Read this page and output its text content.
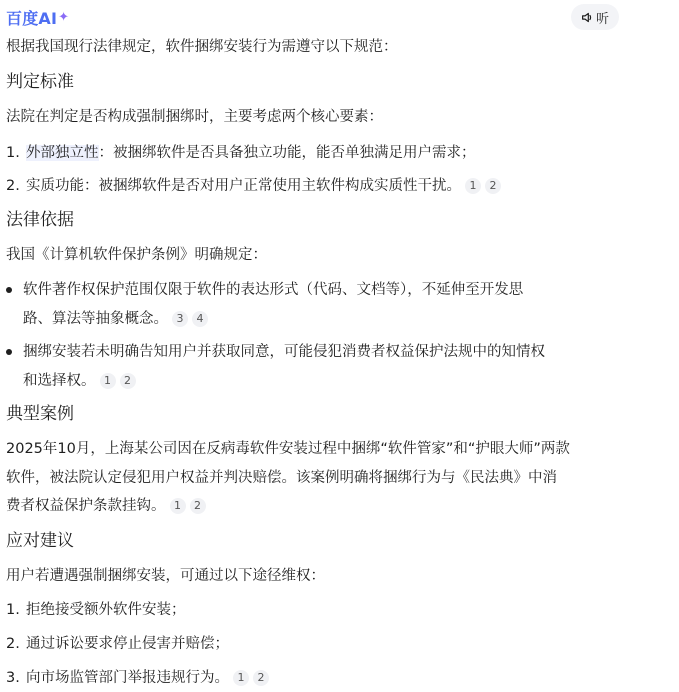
百度AI ✦	听
根据我国现行法律规定，软件捆绑安装行为需遵守以下规范：
判定标准
法院在判定是否构成强制捆绑时，主要考虑两个核心要素：
1. 外部独立性：被捆绑软件是否具备独立功能，能否单独满足用户需求；
2. 实质功能：被捆绑软件是否对用户正常使用主软件构成实质性干扰。 1 2
法律依据
我国《计算机软件保护条例》明确规定：
软件著作权保护范围仅限于软件的表达形式（代码、文档等），不延伸至开发思
路、算法等抽象概念。 3 4
捆绑安装若未明确告知用户并获取同意，可能侵犯消费者权益保护法规中的知情权
和选择权。 1 2
典型案例
2025年10月，上海某公司因在反病毒软件安装过程中捆绑“软件管家”和“护眼大师”两款
软件，被法院认定侵犯用户权益并判决赔偿。该案例明确将捆绑行为与《民法典》中消
费者权益保护条款挂钩。 1 2
应对建议
用户若遭遇强制捆绑安装，可通过以下途径维权：
1. 拒绝接受额外软件安装；
2. 通过诉讼要求停止侵害并赔偿；
3. 向市场监管部门举报违规行为。 1 2
